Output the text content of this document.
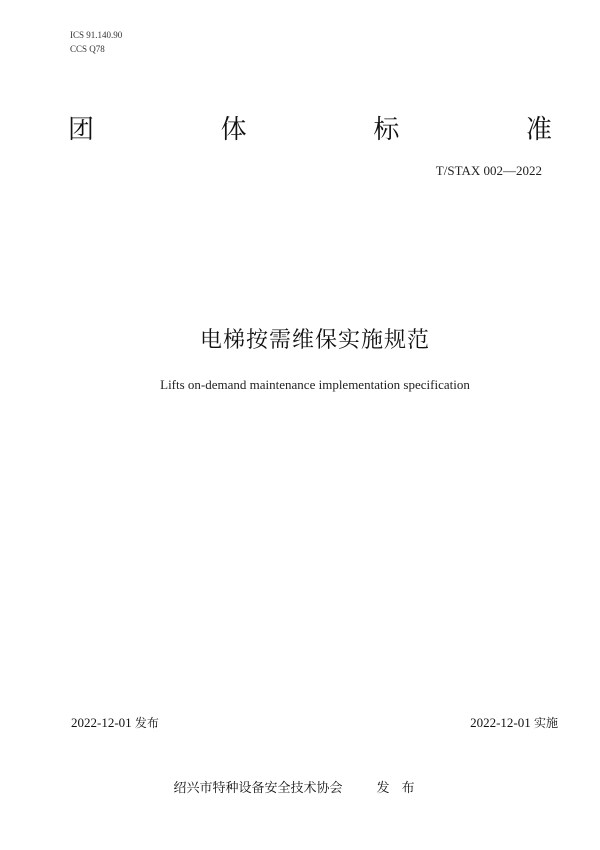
ICS 91.140.90
CCS Q78
团	体	标	准
T/STAX 002—2022
电梯按需维保实施规范
Lifts on-demand maintenance implementation specification
2022-12-01 发布	2022-12-01 实施
绍兴市特种设备安全技术协会	发布
